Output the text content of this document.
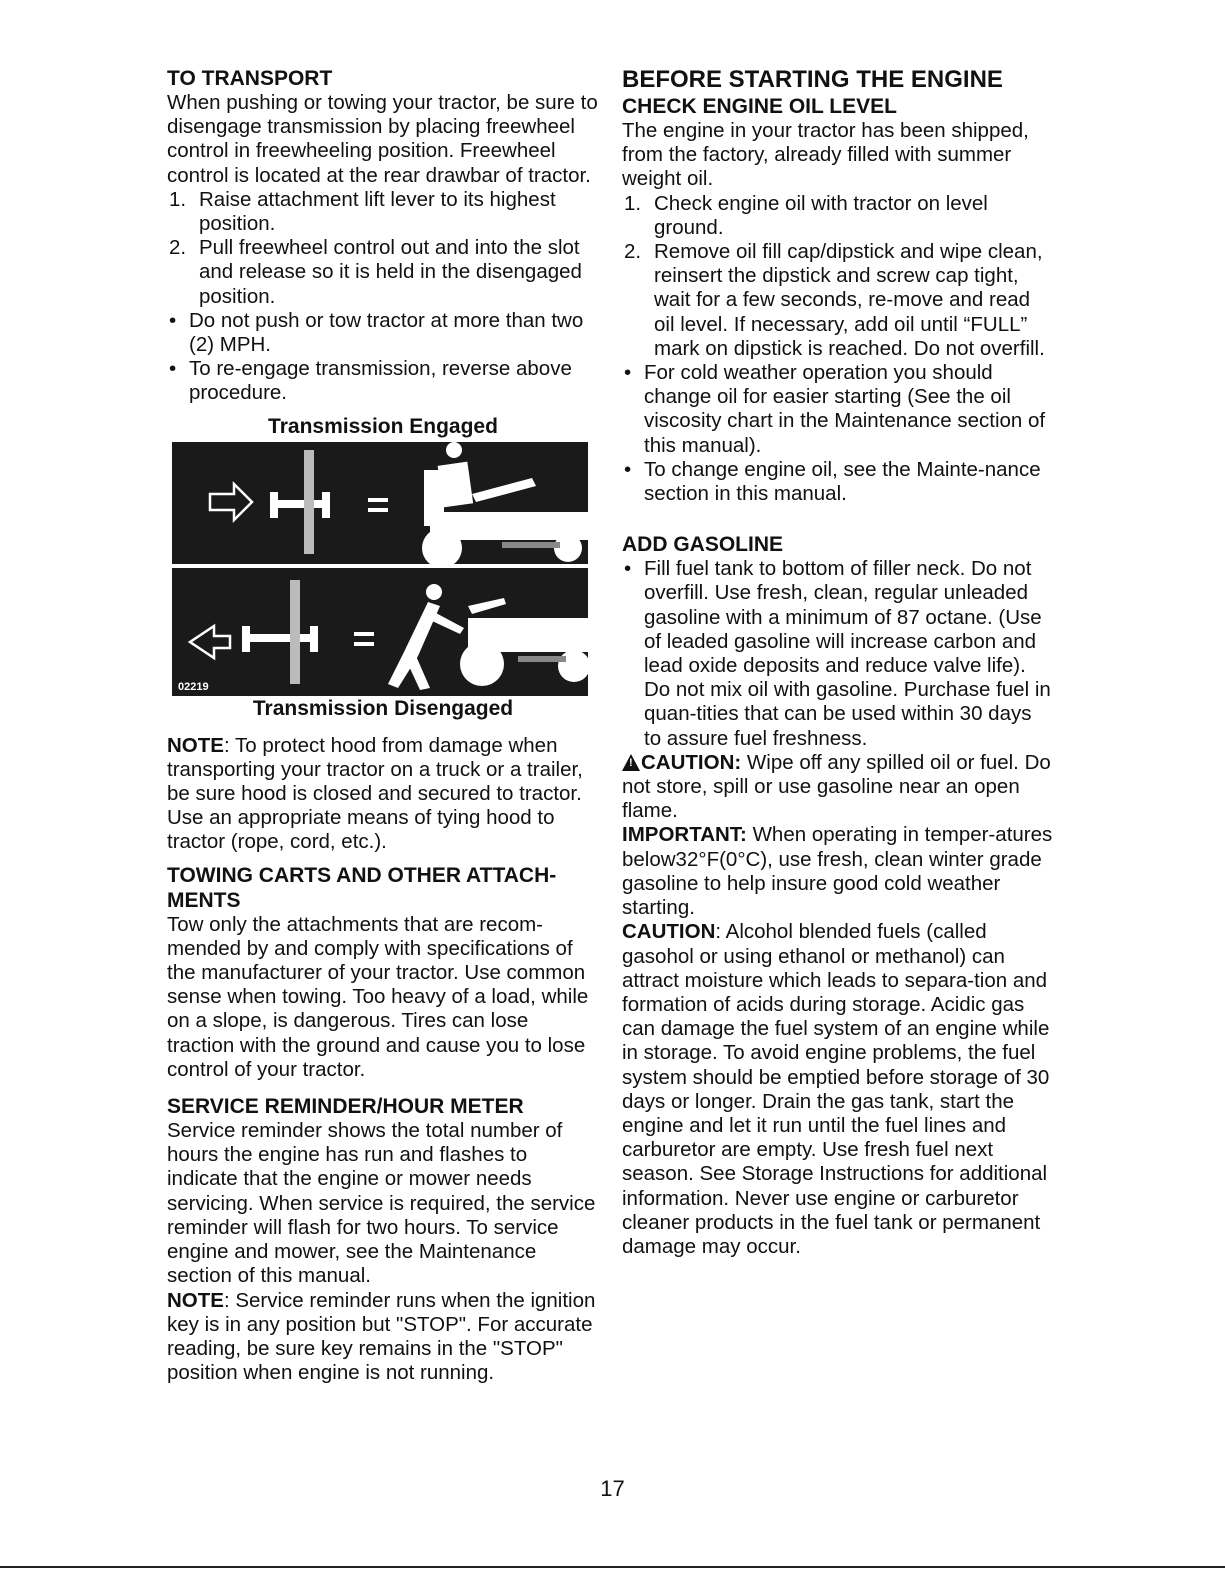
TO TRANSPORT

When pushing or towing your tractor, be sure to disengage transmission by placing freewheel control in freewheeling position. Freewheel control is located at the rear drawbar of tractor.

1. Raise attachment lift lever to its highest position.
2. Pull freewheel control out and into the slot and release so it is held in the disengaged position.
• Do not push or tow tractor at more than two (2) MPH.
• To re-engage transmission, reverse above procedure.
Transmission Engaged
02219
Transmission Disengaged

NOTE: To protect hood from damage when transporting your tractor on a truck or a trailer, be sure hood is closed and secured to tractor. Use an appropriate means of tying hood to tractor (rope, cord, etc.).

TOWING CARTS AND OTHER ATTACH-MENTS

Tow only the attachments that are recom-mended by and comply with specifications of the manufacturer of your tractor. Use common sense when towing. Too heavy of a load, while on a slope, is dangerous. Tires can lose traction with the ground and cause you to lose control of your tractor.

SERVICE REMINDER/HOUR METER

Service reminder shows the total number of hours the engine has run and flashes to indicate that the engine or mower needs servicing. When service is required, the service reminder will flash for two hours. To service engine and mower, see the Maintenance section of this manual.

NOTE: Service reminder runs when the ignition key is in any position but "STOP". For accurate reading, be sure key remains in the "STOP" position when engine is not running.

BEFORE STARTING THE ENGINE
CHECK ENGINE OIL LEVEL

The engine in your tractor has been shipped, from the factory, already filled with summer weight oil.

1. Check engine oil with tractor on level ground.
2. Remove oil fill cap/dipstick and wipe clean, reinsert the dipstick and screw cap tight, wait for a few seconds, re-move and read oil level. If necessary, add oil until “FULL” mark on dipstick is reached. Do not overfill.
• For cold weather operation you should change oil for easier starting (See the oil viscosity chart in the Maintenance section of this manual).
• To change engine oil, see the Mainte-nance section in this manual.
ADD GASOLINE
• Fill fuel tank to bottom of filler neck. Do not overfill. Use fresh, clean, regular unleaded gasoline with a minimum of 87 octane. (Use of leaded gasoline will increase carbon and lead oxide deposits and reduce valve life). Do not mix oil with gasoline. Purchase fuel in quan-tities that can be used within 30 days to assure fuel freshness.

!CAUTION: Wipe off any spilled oil or fuel. Do not store, spill or use gasoline near an open flame.

IMPORTANT: When operating in temper-atures below32°F(0°C), use fresh, clean winter grade gasoline to help insure good cold weather starting.

CAUTION: Alcohol blended fuels (called gasohol or using ethanol or methanol) can attract moisture which leads to separa-tion and formation of acids during storage. Acidic gas can damage the fuel system of an engine while in storage. To avoid engine problems, the fuel system should be emptied before storage of 30 days or longer. Drain the gas tank, start the engine and let it run until the fuel lines and carburetor are empty. Use fresh fuel next season. See Storage Instructions for additional information. Never use engine or carburetor cleaner products in the fuel tank or permanent damage may occur.

17
